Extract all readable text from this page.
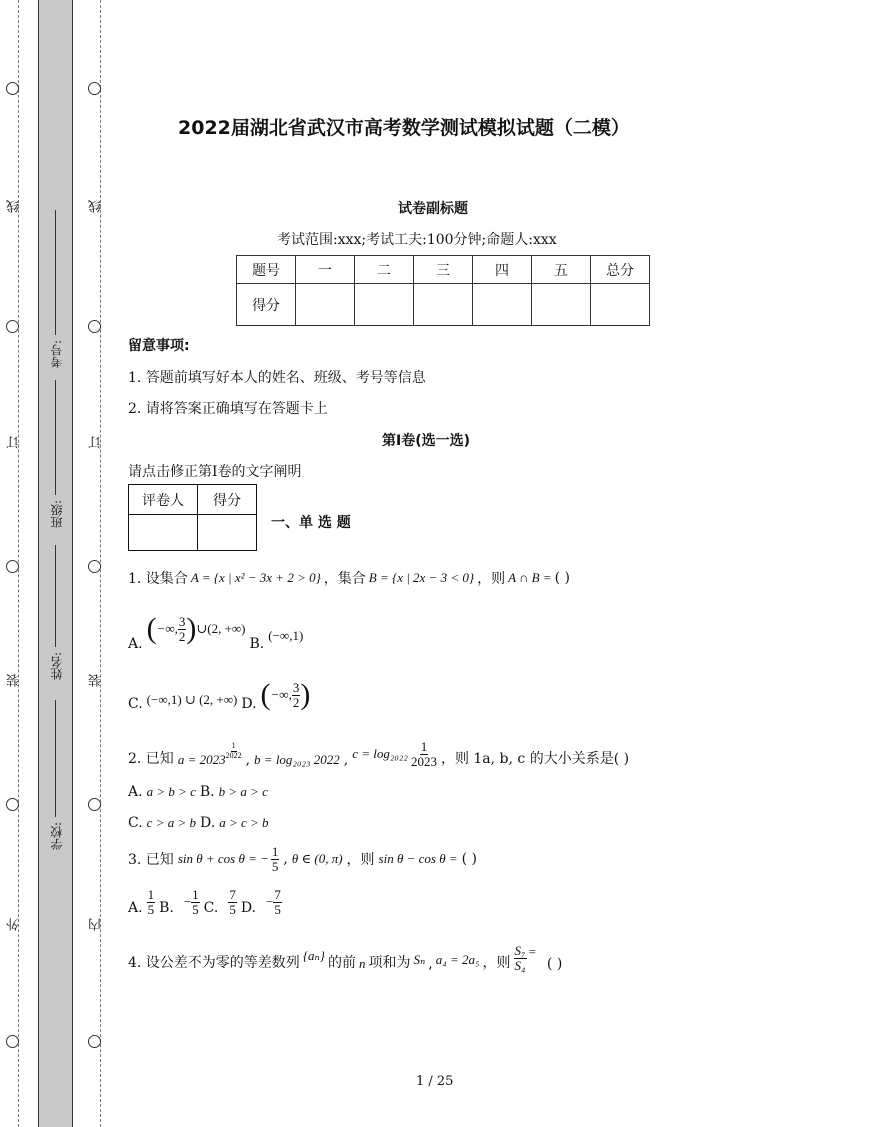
线
订
装
外
线
订
装
内
考号:
班级:
姓名:
学校:
2022届湖北省武汉市高考数学测试模拟试题（二模）
试卷副标题
考试范围:xxx;考试工夫:100分钟;命题人:xxx
题号	一	二	三	四	五	总分
得分						
留意事项:
1. 答题前填写好本人的姓名、班级、考号等信息
2. 请将答案正确填写在答题卡上
第I卷(选一选)
请点击修正第I卷的文字阐明
评卷人	得分

一、单 选 题
1. 设集合 A = {x | x² − 3x + 2 > 0} ，集合 B = {x | 2x − 3 < 0} ，则 A ∩ B = ( )
A. ( −∞, $\frac{3}{2}$ ) ∪(2, +∞)
B.
(−∞,1)
C. (−∞,1) ∪ (2, +∞) D. ( −∞, $\frac{3}{2}$ )
2. 已知 $a = 2023 \frac{1}{2022}$
, b = log₂₀₂₃ 2022 , $c = \log_{2022} \frac{1}{2023}$ ，则 1a, b, c 的大小关系是( )
A. a > b > c B. b > a > c
C. c > a > b D. a > c > b
3. 已知 sin θ + cos θ = − $\frac{1}{5}$ , θ ∈ (0, π) ，则 sin θ − cos θ = ( )
A. $\frac{1}{5} B$. − $\frac{1}{5} C$. $\frac{7}{5} D$. − $\frac{7}{5}$
4. 设公差不为零的等差数列 {aₙ} 的前 n 项和为 Sₙ , a₄ = 2a₅ ，则 $\frac{\text{S₇}}{\text{S₄}}$ =
( )
1 / 25
